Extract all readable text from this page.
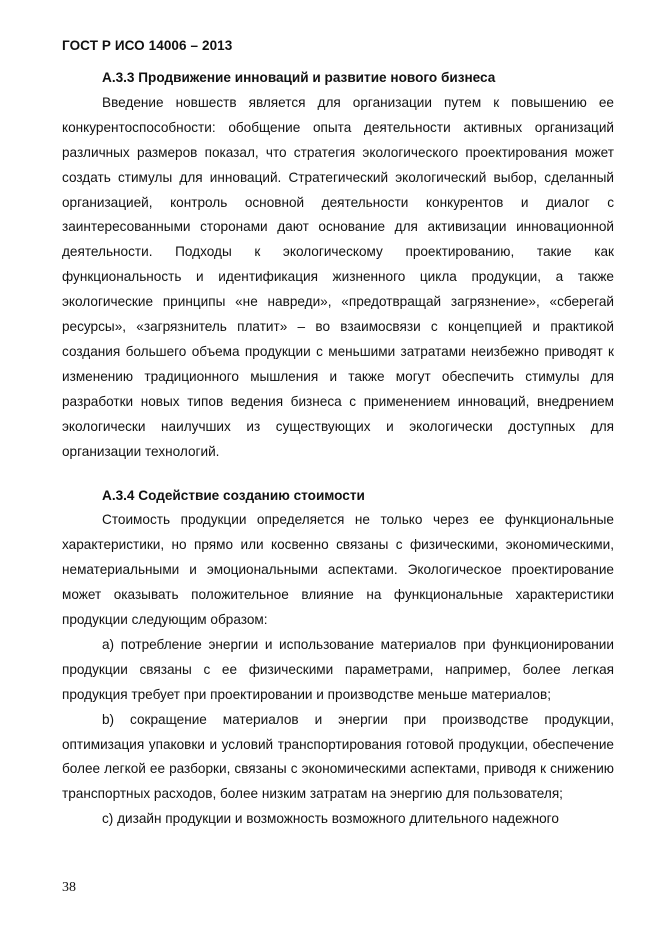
ГОСТ Р ИСО 14006 – 2013

А.3.3 Продвижение инноваций и развитие нового бизнеса

Введение новшеств является для организации путем к повышению ее конкурентоспособности: обобщение опыта деятельности активных организаций различных размеров показал, что стратегия экологического проектирования может создать стимулы для инноваций. Стратегический экологический выбор, сделанный организацией, контроль основной деятельности конкурентов и диалог с заинтересованными сторонами дают основание для активизации инновационной деятельности. Подходы к экологическому проектированию, такие как функциональность и идентификация жизненного цикла продукции, а также экологические принципы «не навреди», «предотвращай загрязнение», «сберегай ресурсы», «загрязнитель платит» – во взаимосвязи с концепцией и практикой создания большего объема продукции с меньшими затратами неизбежно приводят к изменению традиционного мышления и также могут обеспечить стимулы для разработки новых типов ведения бизнеса с применением инноваций, внедрением экологически наилучших из существующих и экологически доступных для организации технологий.

А.3.4 Содействие созданию стоимости

Стоимость продукции определяется не только через ее функциональные характеристики, но прямо или косвенно связаны с физическими, экономическими, нематериальными и эмоциональными аспектами. Экологическое проектирование может оказывать положительное влияние на функциональные характеристики продукции следующим образом:

а) потребление энергии и использование материалов при функционировании продукции связаны с ее физическими параметрами, например, более легкая продукция требует при проектировании и производстве меньше материалов;

b) сокращение материалов и энергии при производстве продукции, оптимизация упаковки и условий транспортирования готовой продукции, обеспечение более легкой ее разборки, связаны с экономическими аспектами, приводя к снижению транспортных расходов, более низким затратам на энергию для пользователя;

с) дизайн продукции и возможность возможного длительного надежного

38
